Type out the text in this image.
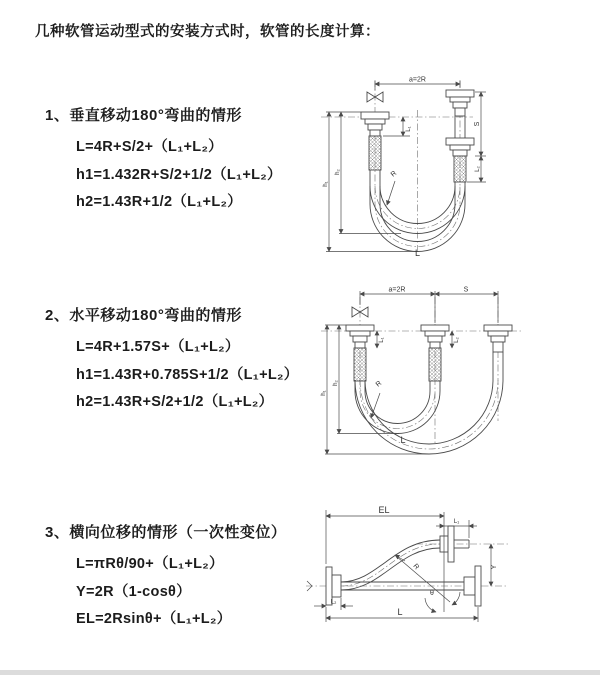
几种软管运动型式的安装方式时，软管的长度计算：
1、垂直移动180°弯曲的情形
L=4R+S/2+（L₁+L₂）
h1=1.432R+S/2+1/2（L₁+L₂）
h2=1.43R+1/2（L₁+L₂）
2、水平移动180°弯曲的情形
L=4R+1.57S+（L₁+L₂）
h1=1.43R+0.785S+1/2（L₁+L₂）
h2=1.43R+S/2+1/2（L₁+L₂）
3、横向位移的情形（一次性变位）
L=πRθ/90+（L₁+L₂）
Y=2R（1-cosθ）
EL=2Rsinθ+（L₁+L₂）
a=2R
L₁
S
L₂
h₂
h₁
R
L
a=2R	S
L₁	L₂
h₂
h₁
R
L
EL
L₁
Y
R
θ
L
L₂
